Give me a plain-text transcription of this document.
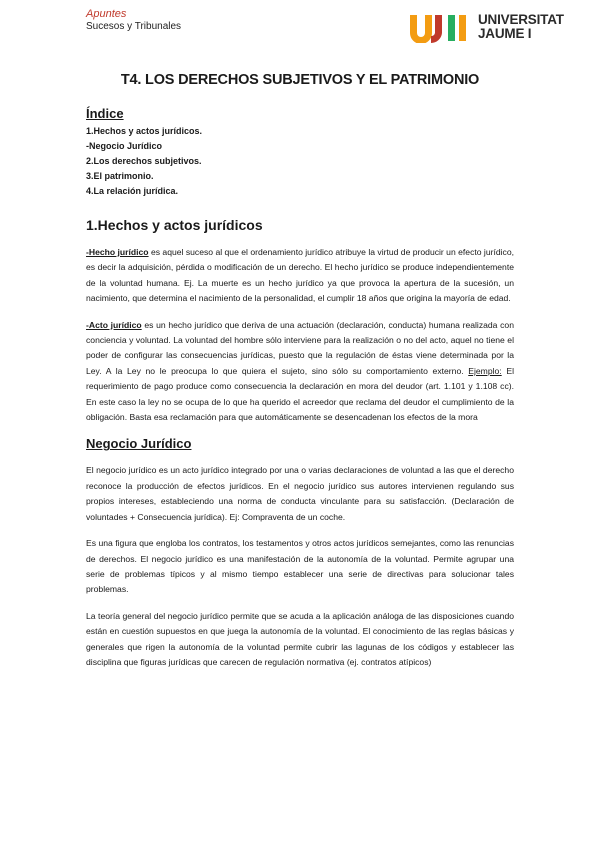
Apuntes
Sucesos y Tribunales	UNIVERSITAT
JAUME I
T4. LOS DERECHOS SUBJETIVOS Y EL PATRIMONIO
Índice
1.Hechos y actos jurídicos.
-Negocio Jurídico
2.Los derechos subjetivos.
3.El patrimonio.
4.La relación jurídica.
1.Hechos y actos jurídicos

-Hecho jurídico es aquel suceso al que el ordenamiento jurídico atribuye la virtud de producir un efecto jurídico, es decir la adquisición, pérdida o modificación de un derecho. El hecho jurídico se produce independientemente de la voluntad humana. Ej. La muerte es un hecho jurídico ya que provoca la apertura de la sucesión, un nacimiento, que determina el nacimiento de la personalidad, el cumplir 18 años que origina la mayoría de edad.

-Acto jurídico es un hecho jurídico que deriva de una actuación (declaración, conducta) humana realizada con conciencia y voluntad. La voluntad del hombre sólo interviene para la realización o no del acto, aquel no tiene el poder de configurar las consecuencias jurídicas, puesto que la regulación de éstas viene determinada por la Ley. A la Ley no le preocupa lo que quiera el sujeto, sino sólo su comportamiento externo. Ejemplo: El requerimiento de pago produce como consecuencia la declaración en mora del deudor (art. 1.101 y 1.108 cc). En este caso la ley no se ocupa de lo que ha querido el acreedor que reclama del deudor el cumplimiento de la obligación. Basta esa reclamación para que automáticamente se desencadenan los efectos de la mora

Negocio Jurídico

El negocio jurídico es un acto jurídico integrado por una o varias declaraciones de voluntad a las que el derecho reconoce la producción de efectos jurídicos. En el negocio jurídico sus autores intervienen regulando sus propios intereses, estableciendo una norma de conducta vinculante para su satisfacción. (Declaración de voluntades + Consecuencia jurídica). Ej: Compraventa de un coche.

Es una figura que engloba los contratos, los testamentos y otros actos jurídicos semejantes, como las renuncias de derechos. El negocio jurídico es una manifestación de la autonomía de la voluntad. Permite agrupar una serie de problemas típicos y al mismo tiempo establecer una serie de directivas para solucionar tales problemas.

La teoría general del negocio jurídico permite que se acuda a la aplicación análoga de las disposiciones cuando están en cuestión supuestos en que juega la autonomía de la voluntad. El conocimiento de las reglas básicas y generales que rigen la autonomía de la voluntad permite cubrir las lagunas de los códigos y establecer las disciplina que figuras jurídicas que carecen de regulación normativa (ej. contratos atípicos)
